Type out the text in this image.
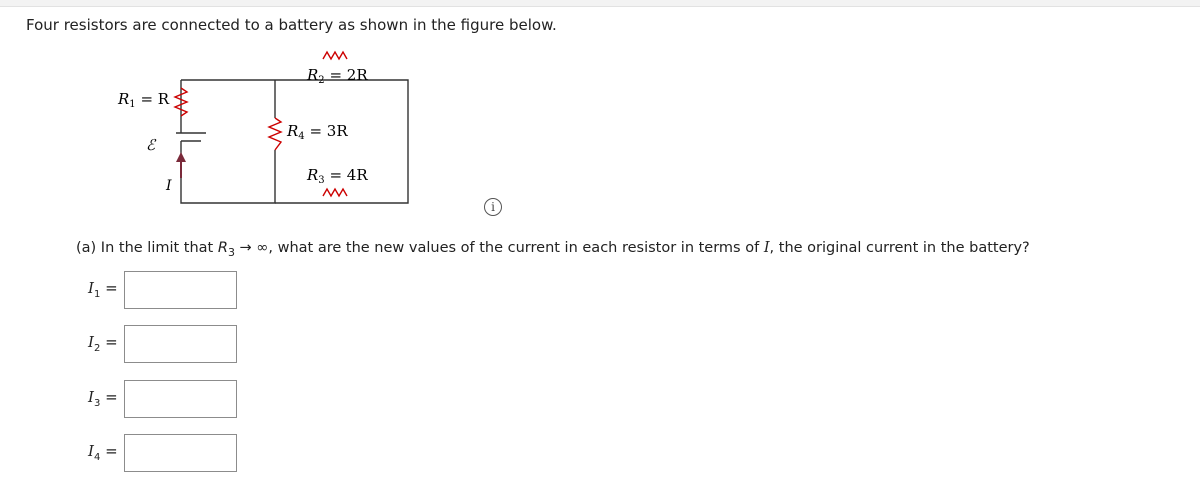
Four resistors are connected to a battery as shown in the figure below.
$R_1 = R$
$R_2 = 2R$
$R_4 = 3R$
$R_3 = 4R$
ℰ
I
i
(a) In the limit that $R_3$ → ∞, what are the new values of the current in each resistor in terms of I, the original current in the battery?
$I_1$ =
$I_2$ =
$I_3$ =
$I_4$ =
